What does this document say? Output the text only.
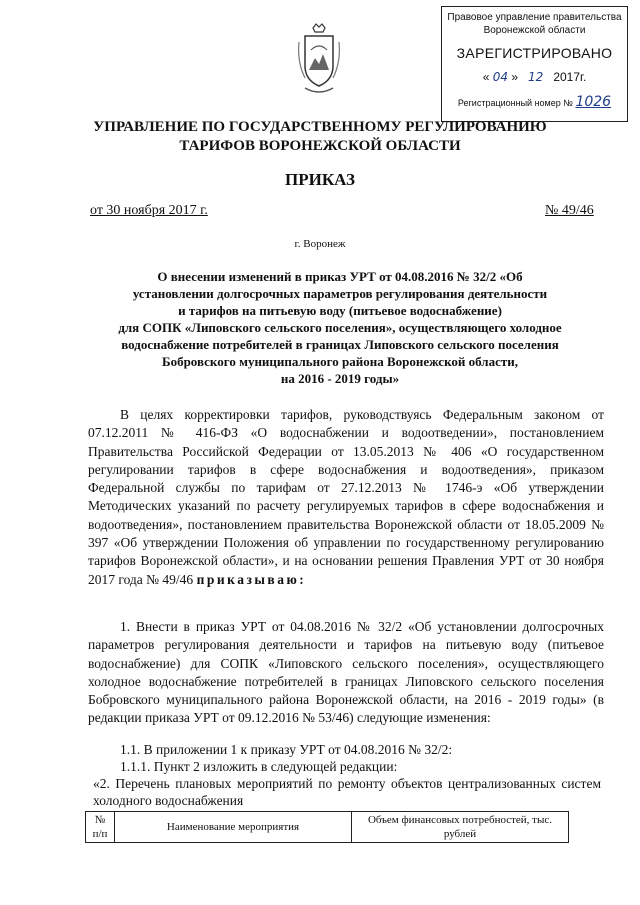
Правовое управление правительства
Воронежской области
ЗАРЕГИСТРИРОВАНО
« 04 »   12 2017г.
Регистрационный номер № 1026
УПРАВЛЕНИЕ ПО ГОСУДАРСТВЕННОМУ РЕГУЛИРОВАНИЮ
ТАРИФОВ ВОРОНЕЖСКОЙ ОБЛАСТИ
ПРИКАЗ
от 30 ноября 2017 г.	№ 49/46
г. Воронеж
О внесении изменений в приказ УРТ от 04.08.2016 № 32/2 «Об
установлении долгосрочных параметров регулирования деятельности
и тарифов на питьевую воду (питьевое водоснабжение)
для СОПК «Липовского сельского поселения», осуществляющего холодное
водоснабжение потребителей в границах Липовского сельского поселения
Бобровского муниципального района Воронежской области,
на 2016 - 2019 годы»
В целях корректировки тарифов, руководствуясь Федеральным законом от 07.12.2011 № 416-ФЗ «О водоснабжении и водоотведении», постановлением Правительства Российской Федерации от 13.05.2013 № 406 «О государственном регулировании тарифов в сфере водоснабжения и водоотведения», приказом Федеральной службы по тарифам от 27.12.2013 № 1746-э «Об утверждении Методических указаний по расчету регулируемых тарифов в сфере водоснабжения и водоотведения», постановлением правительства Воронежской области от 18.05.2009 № 397 «Об утверждении Положения об управлении по государственному регулированию тарифов Воронежской области», и на основании решения Правления УРТ от 30 ноября 2017 года № 49/46 приказываю:
1. Внести в приказ УРТ от 04.08.2016 № 32/2 «Об установлении долгосрочных параметров регулирования деятельности и тарифов на питьевую воду (питьевое водоснабжение) для СОПК «Липовского сельского поселения», осуществляющего холодное водоснабжение потребителей в границах Липовского сельского поселения Бобровского муниципального района Воронежской области, на 2016 - 2019 годы» (в редакции приказа УРТ от 09.12.2016 № 53/46) следующие изменения:
1.1. В приложении 1 к приказу УРТ от 04.08.2016 № 32/2:
1.1.1. Пункт 2 изложить в следующей редакции:
«2. Перечень плановых мероприятий по ремонту объектов централизованных систем холодного водоснабжения
№ п/п	Наименование мероприятия	Объем финансовых потребностей, тыс. рублей
